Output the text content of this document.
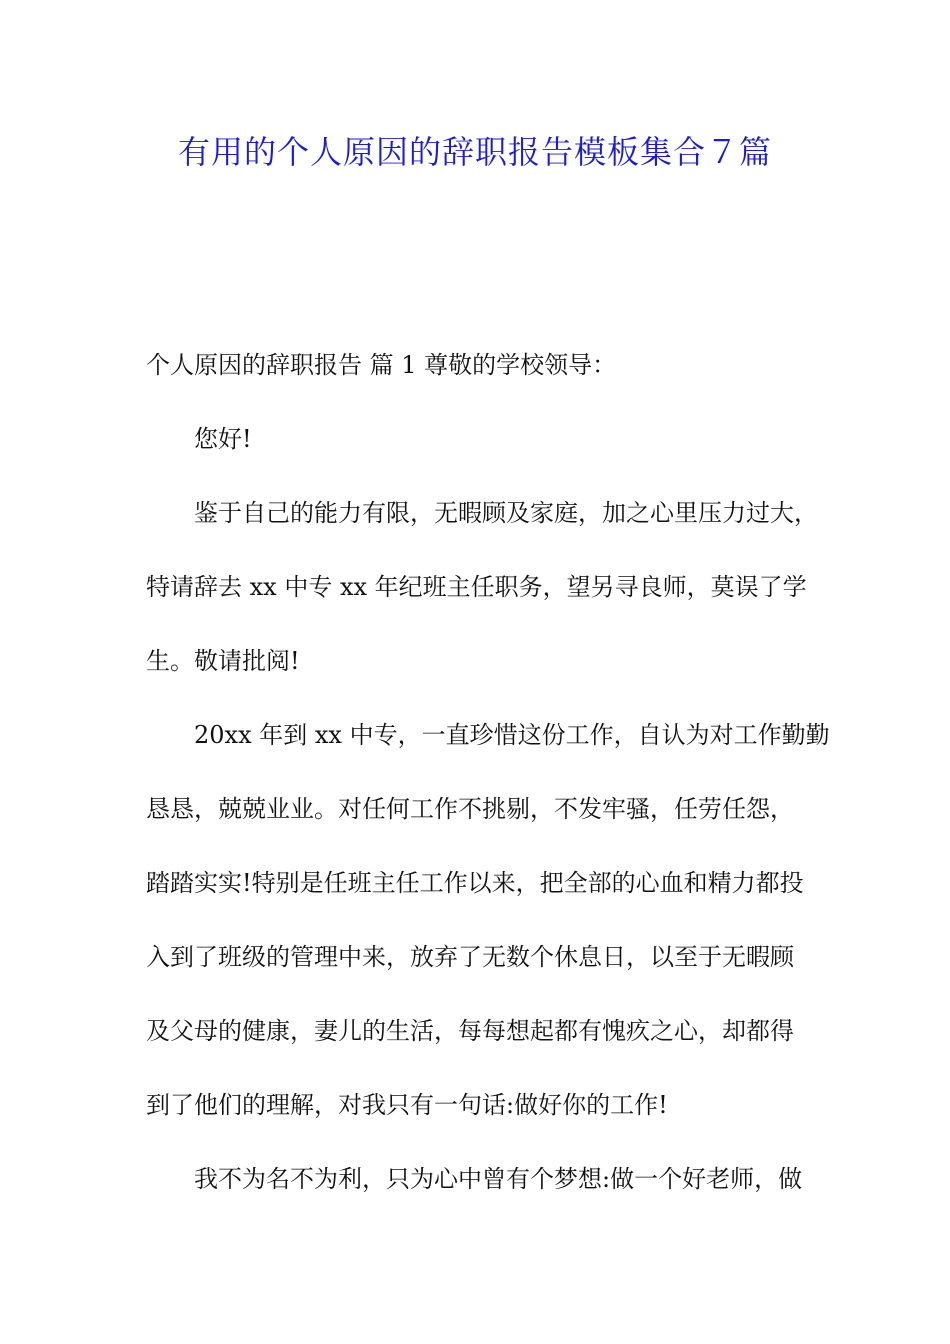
有用的个人原因的辞职报告模板集合７篇

个人原因的辞职报告 篇 1 尊敬的学校领导：

您好!

鉴于自己的能力有限，无暇顾及家庭，加之心里压力过大，

特请辞去 xx 中专 xx 年纪班主任职务，望另寻良师，莫误了学

生。敬请批阅!

20xx 年到 xx 中专，一直珍惜这份工作，自认为对工作勤勤

恳恳，兢兢业业。对任何工作不挑剔，不发牢骚，任劳任怨，

踏踏实实!特别是任班主任工作以来，把全部的心血和精力都投

入到了班级的管理中来，放弃了无数个休息日，以至于无暇顾

及父母的健康，妻儿的生活，每每想起都有愧疚之心，却都得

到了他们的理解，对我只有一句话:做好你的工作!

我不为名不为利，只为心中曾有个梦想:做一个好老师，做
